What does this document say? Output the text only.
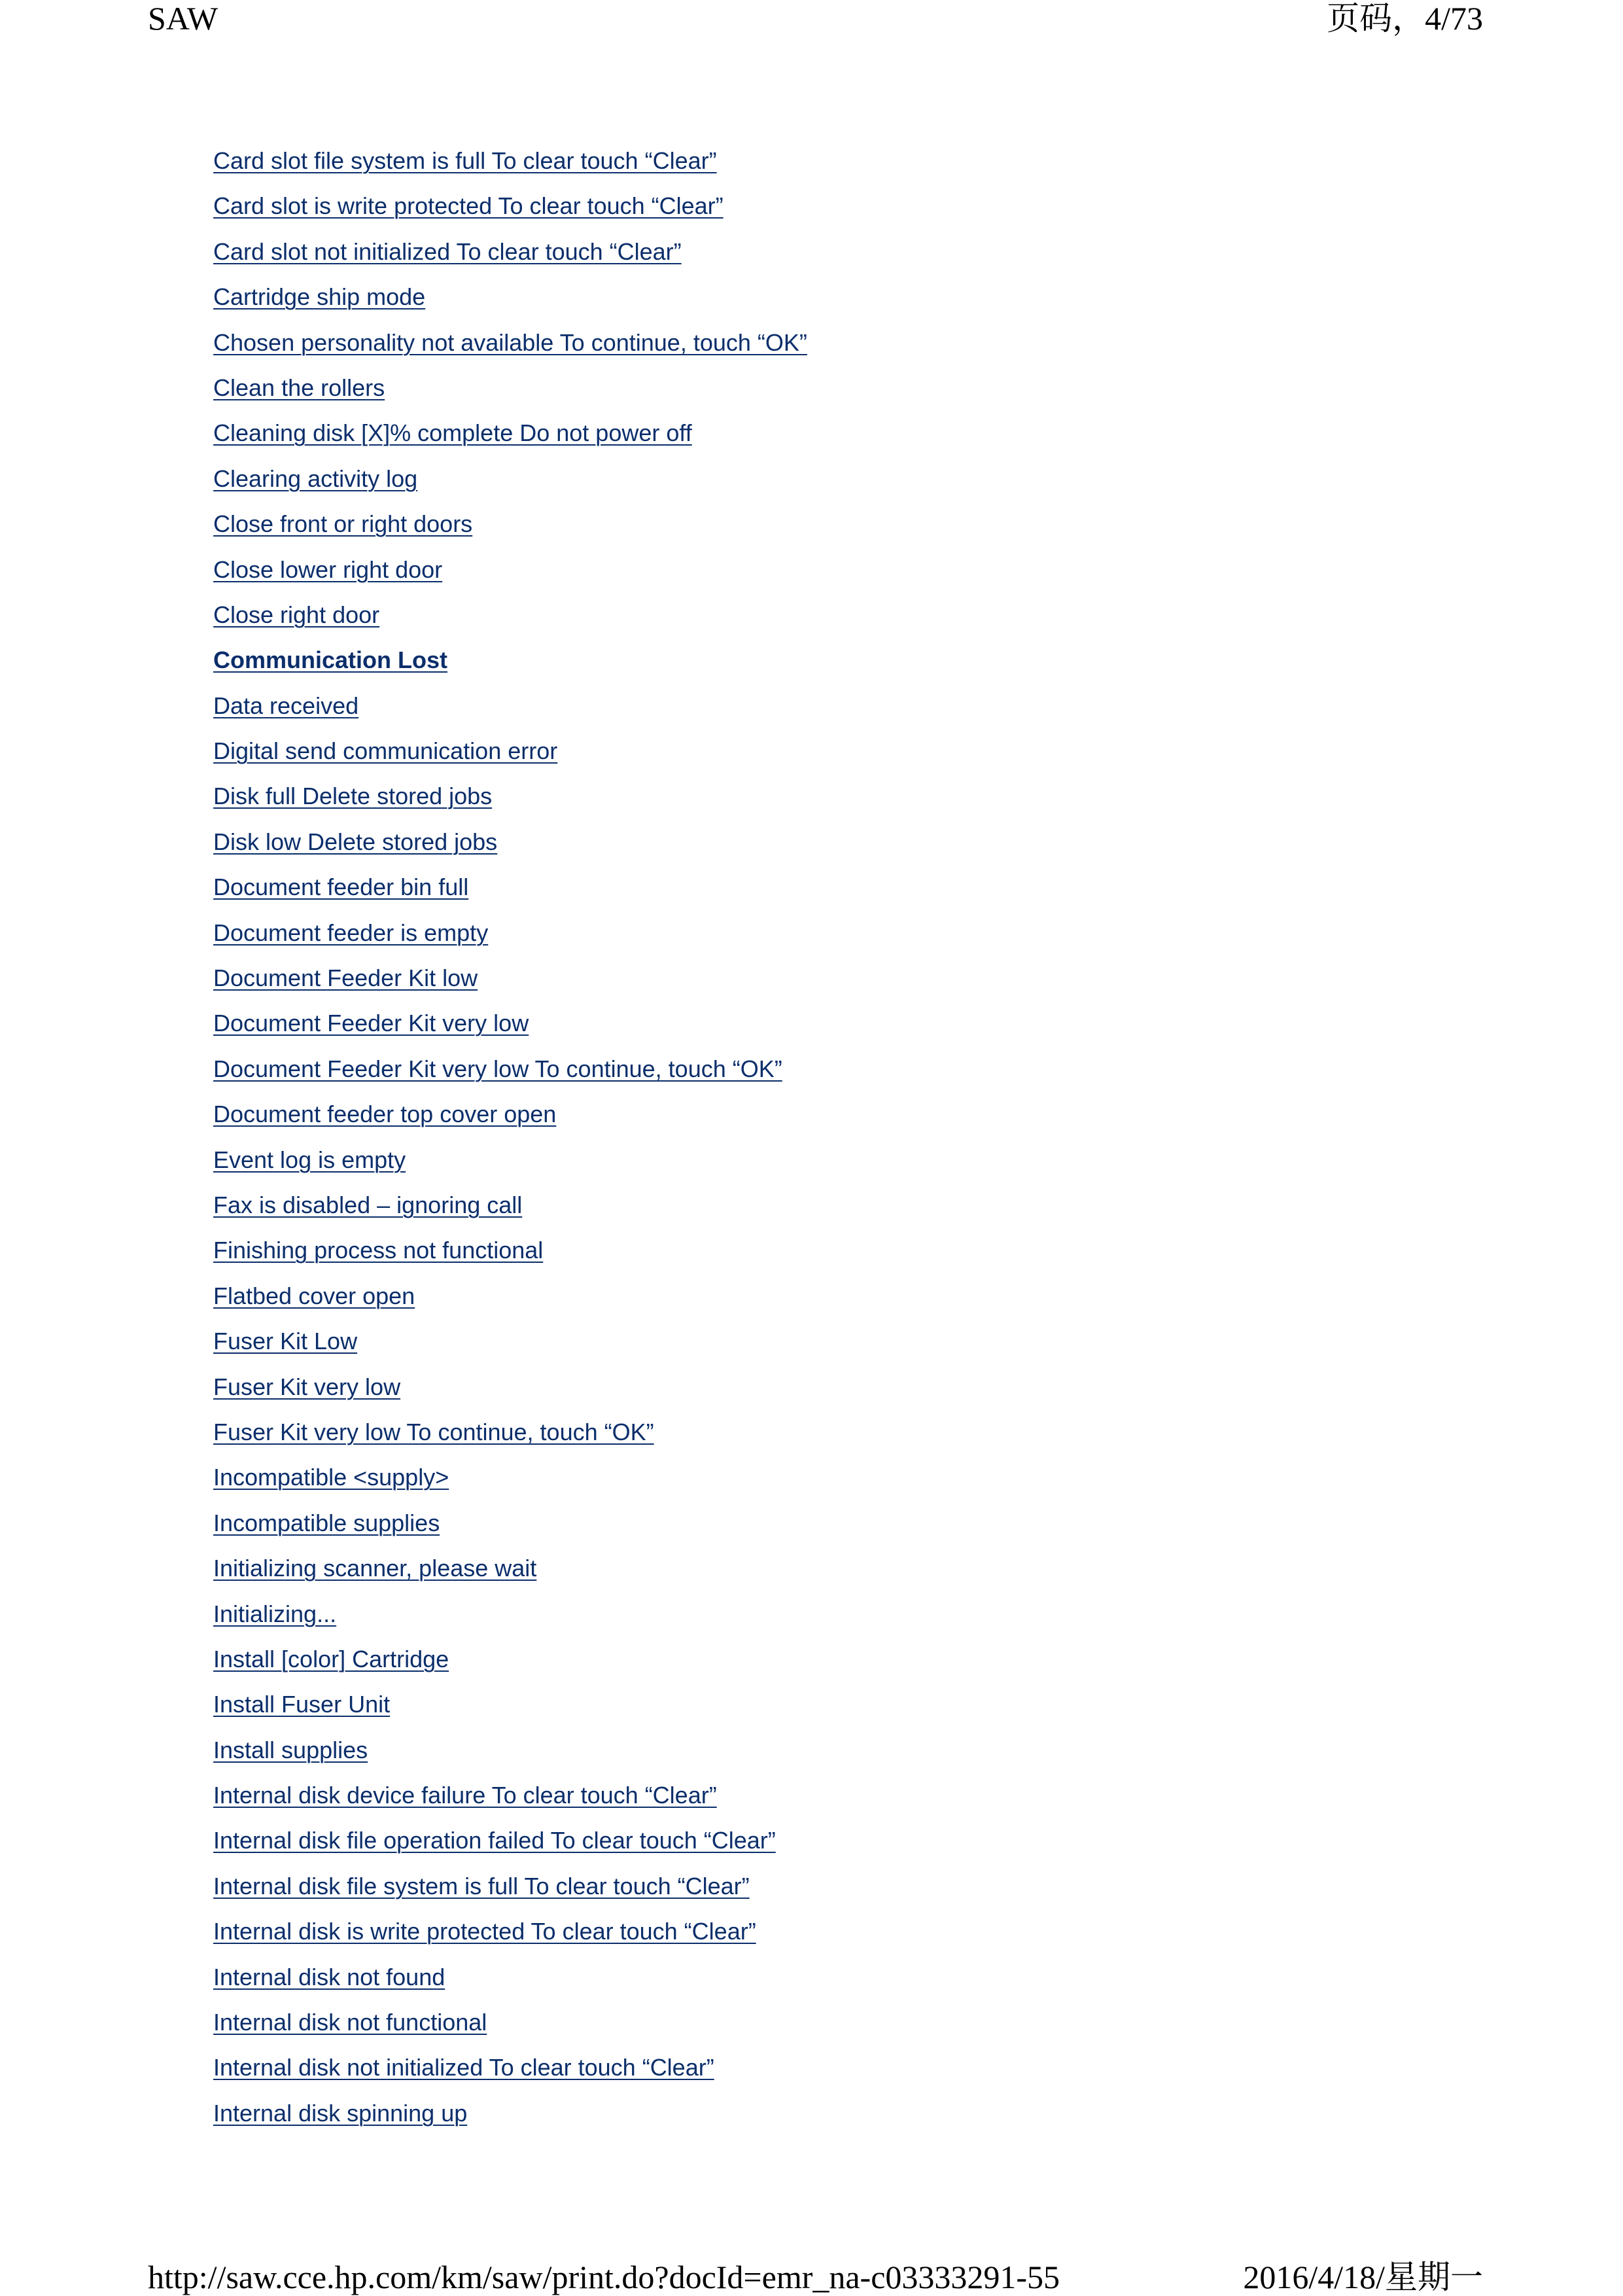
SAW	页码，4/73
Card slot file system is full To clear touch “Clear”
Card slot is write protected To clear touch “Clear”
Card slot not initialized To clear touch “Clear”
Cartridge ship mode
Chosen personality not available To continue, touch “OK”
Clean the rollers
Cleaning disk [X]% complete Do not power off
Clearing activity log
Close front or right doors
Close lower right door
Close right door
Communication Lost
Data received
Digital send communication error
Disk full Delete stored jobs
Disk low Delete stored jobs
Document feeder bin full
Document feeder is empty
Document Feeder Kit low
Document Feeder Kit very low
Document Feeder Kit very low To continue, touch “OK”
Document feeder top cover open
Event log is empty
Fax is disabled – ignoring call
Finishing process not functional
Flatbed cover open
Fuser Kit Low
Fuser Kit very low
Fuser Kit very low To continue, touch “OK”
Incompatible <supply>
Incompatible supplies
Initializing scanner, please wait
Initializing...
Install [color] Cartridge
Install Fuser Unit
Install supplies
Internal disk device failure To clear touch “Clear”
Internal disk file operation failed To clear touch “Clear”
Internal disk file system is full To clear touch “Clear”
Internal disk is write protected To clear touch “Clear”
Internal disk not found
Internal disk not functional
Internal disk not initialized To clear touch “Clear”
Internal disk spinning up
http://saw.cce.hp.com/km/saw/print.do?docId=emr_na-c03333291-55	2016/4/18/星期一
